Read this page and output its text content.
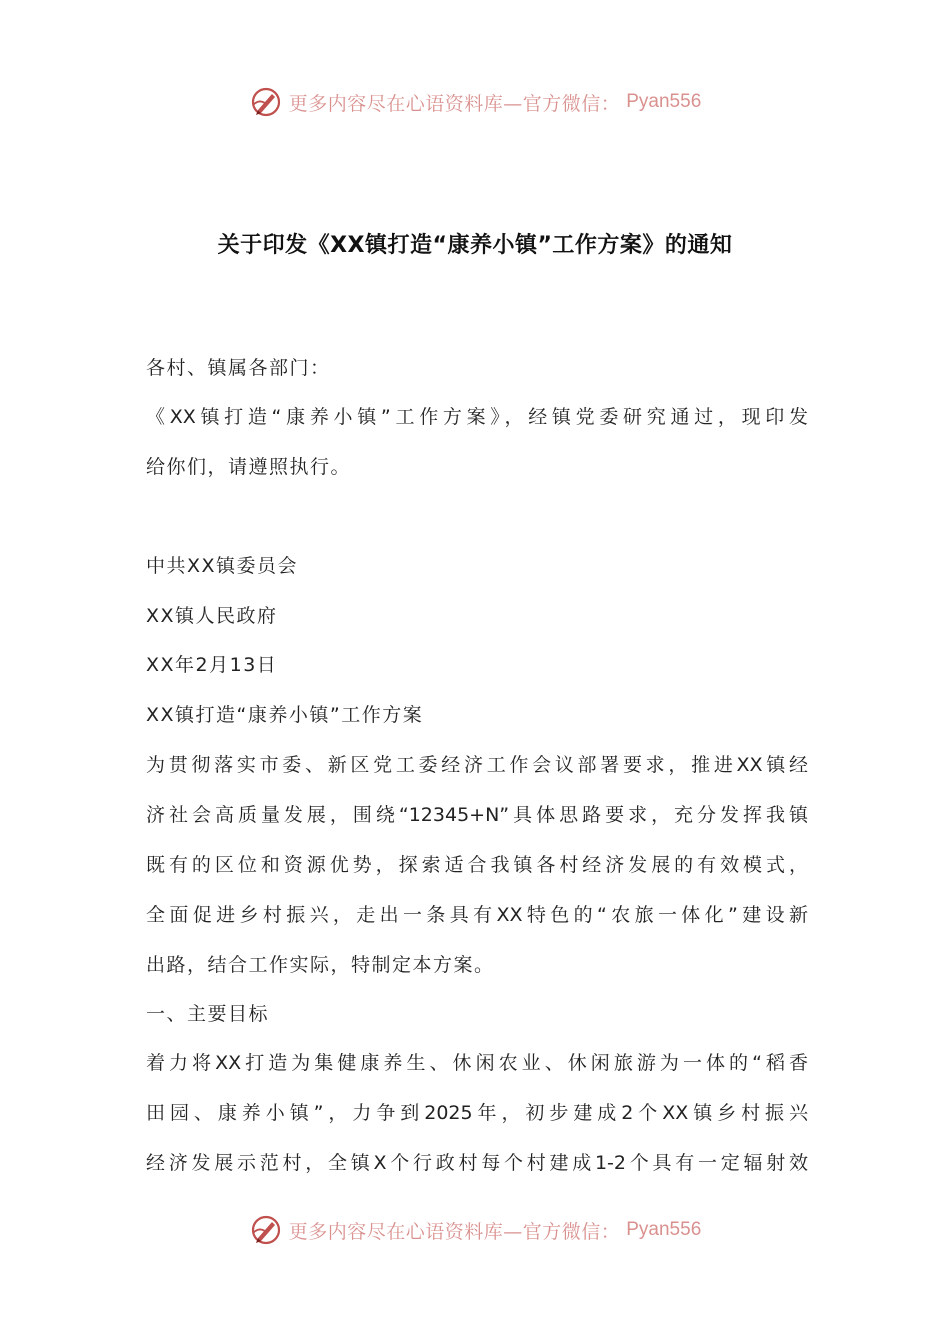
更多内容尽在心语资料库—官方微信： Pyan556
关于印发《XX镇打造“康养小镇”工作方案》的通知
各村、镇属各部门：
《XX镇打造“康养小镇”工作方案》，经镇党委研究通过，现印发
给你们，请遵照执行。
中共XX镇委员会
XX镇人民政府
XX年2月13日
XX镇打造“康养小镇”工作方案
为贯彻落实市委、新区党工委经济工作会议部署要求，推进XX镇经
济社会高质量发展，围绕“12345+N”具体思路要求，充分发挥我镇
既有的区位和资源优势，探索适合我镇各村经济发展的有效模式，
全面促进乡村振兴，走出一条具有XX特色的“农旅一体化”建设新
出路，结合工作实际，特制定本方案。
一、主要目标
着力将XX打造为集健康养生、休闲农业、休闲旅游为一体的“稻香
田园、康养小镇”，力争到2025年，初步建成2个XX镇乡村振兴
经济发展示范村，全镇X个行政村每个村建成1-2个具有一定辐射效
更多内容尽在心语资料库—官方微信： Pyan556
